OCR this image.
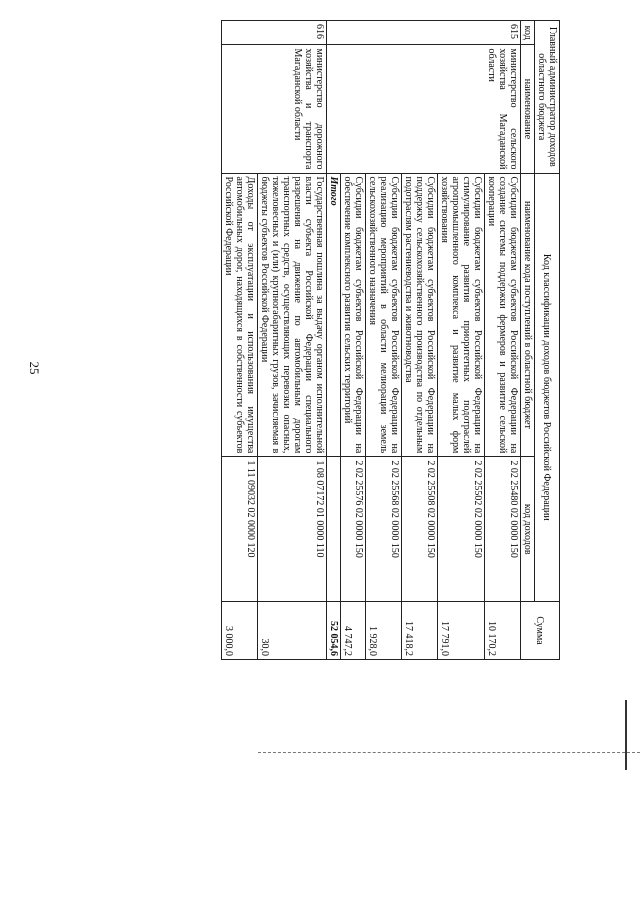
25
Главный администратор доходов областного бюджета		Код классификации доходов бюджетов Российской Федерации		Сумма
код	наименование	наименование кода поступлений в областной бюджет	код доходов	
615	министерство сельского хозяйства Магаданской области	Субсидии бюджетам субъектов Российской Федерации на создание системы поддержки фермеров и развитие сельской кооперации	2 02 25480 02 0000 150	10 170,2
		Субсидии бюджетам субъектов Российской Федерации на стимулирование развития приоритетных подотраслей агропромышленного комплекса и развитие малых форм хозяйствования	2 02 25502 02 0000 150	17 791,0
		Субсидии бюджетам субъектов Российской Федерации на поддержку сельскохозяйственного производства по отдельным подотраслям растениеводства и животноводства	2 02 25508 02 0000 150	17 418,2
		Субсидии бюджетам субъектов Российской Федерации на реализацию мероприятий в области мелиорации земель сельскохозяйственного назначения	2 02 25568 02 0000 150	1 928,0
		Субсидии бюджетам субъектов Российской Федерации на обеспечение комплексного развития сельских территорий	2 02 25576 02 0000 150	4 747,2
		Итого		52 054,6
616	министерство дорожного хозяйства и транспорта Магаданской области	Государственная пошлина за выдачу органом исполнительной власти субъекта Российской Федерации специального разрешения на движение по автомобильным дорогам транспортных средств, осуществляющих перевозки опасных, тяжеловесных и (или) крупногабаритных грузов, зачисляемая в бюджеты субъектов Российской Федерации	1 08 07172 01 0000 110	30,0
		Доходы от эксплуатации и использования имущества автомобильных дорог, находящихся в собственности субъектов Российской Федерации	1 11 09032 02 0000 120	3 000,0
